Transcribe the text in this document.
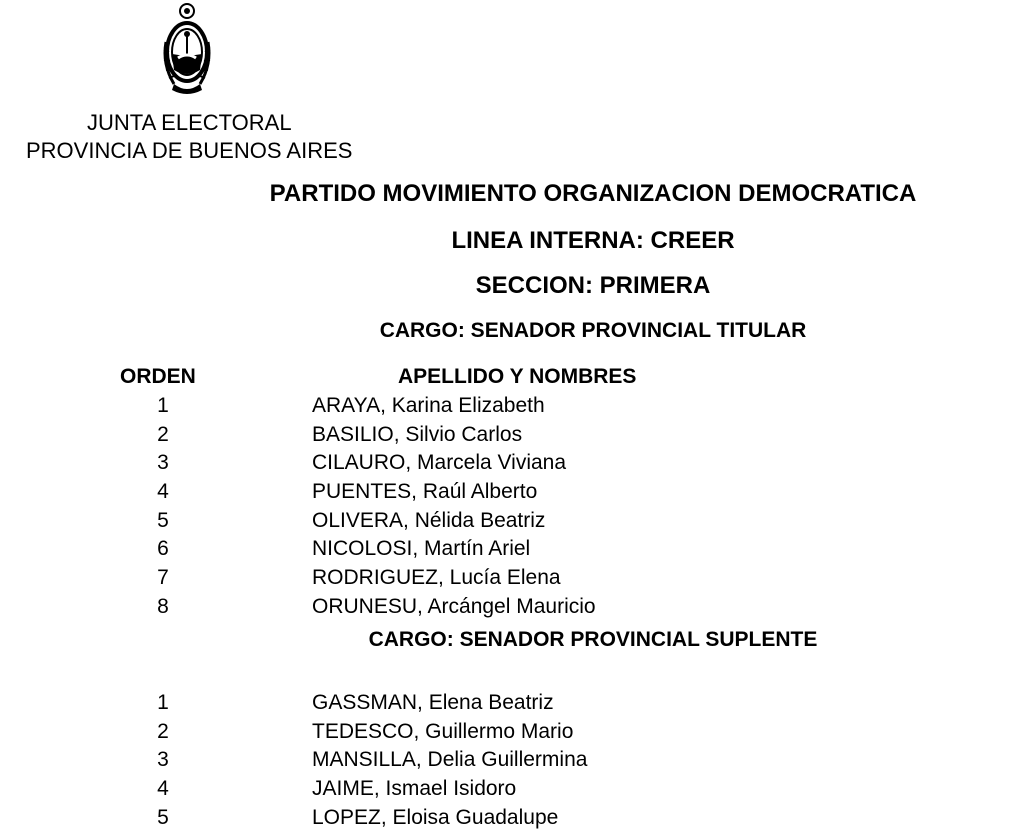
JUNTA ELECTORAL
PROVINCIA DE BUENOS AIRES
PARTIDO MOVIMIENTO ORGANIZACION DEMOCRATICA
LINEA INTERNA: CREER
SECCION: PRIMERA
CARGO: SENADOR PROVINCIAL TITULAR
ORDEN	APELLIDO Y NOMBRES
1	ARAYA, Karina Elizabeth
2	BASILIO, Silvio Carlos
3	CILAURO, Marcela Viviana
4	PUENTES, Raúl Alberto
5	OLIVERA, Nélida Beatriz
6	NICOLOSI, Martín Ariel
7	RODRIGUEZ, Lucía Elena
8	ORUNESU, Arcángel Mauricio
CARGO: SENADOR PROVINCIAL SUPLENTE
1	GASSMAN, Elena Beatriz
2	TEDESCO, Guillermo Mario
3	MANSILLA, Delia Guillermina
4	JAIME, Ismael Isidoro
5	LOPEZ, Eloisa Guadalupe
